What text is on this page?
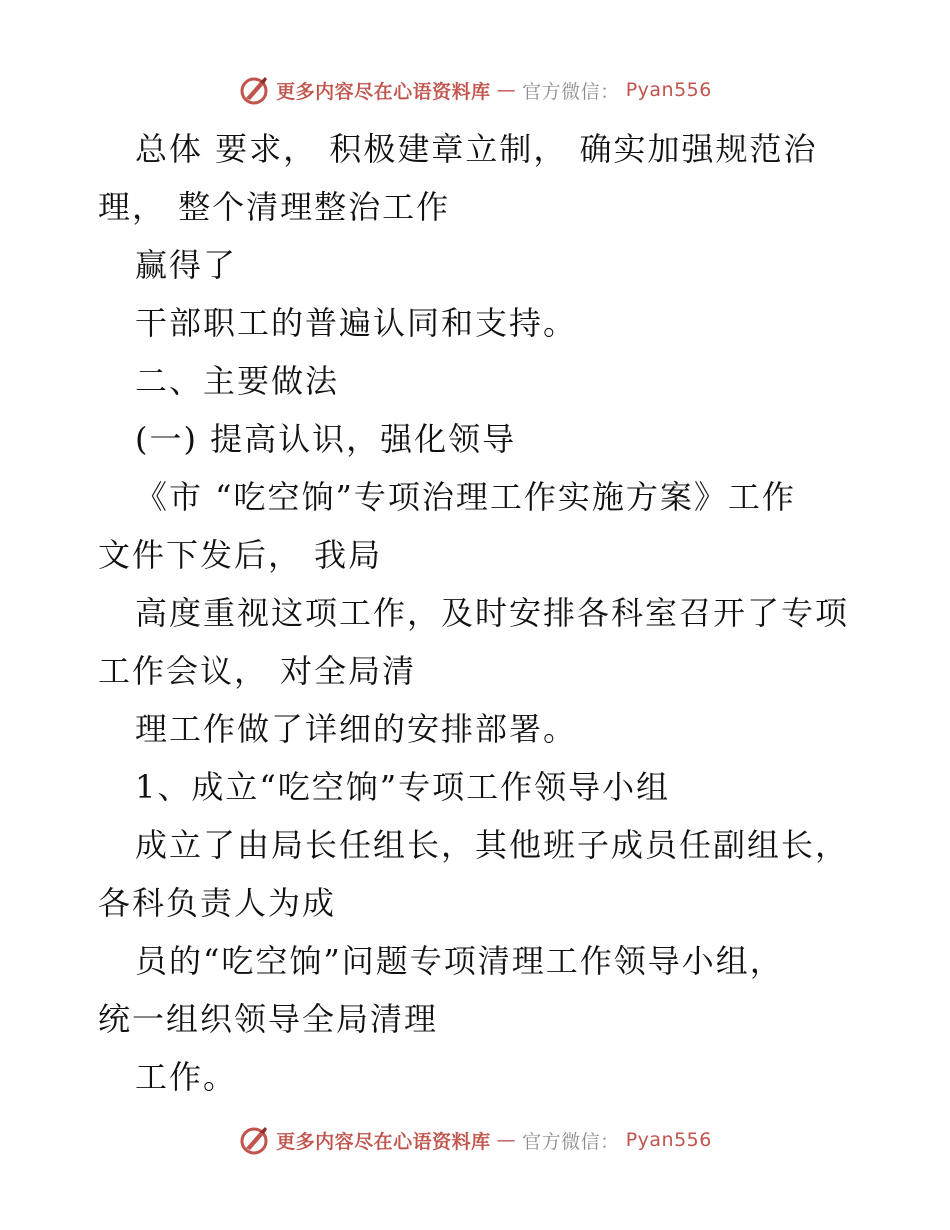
更多内容尽在心语资料库 — 官方微信： Pyan556
总体 要求， 积极建章立制， 确实加强规范治
理， 整个清理整治工作
赢得了
干部职工的普遍认同和支持。
二、主要做法
(一) 提高认识，强化领导
《市 “吃空饷”专项治理工作实施方案》工作
文件下发后， 我局
高度重视这项工作，及时安排各科室召开了专项
工作会议， 对全局清
理工作做了详细的安排部署。
1、成立“吃空饷”专项工作领导小组
成立了由局长任组长，其他班子成员任副组长，
各科负责人为成
员的“吃空饷”问题专项清理工作领导小组，
统一组织领导全局清理
工作。
更多内容尽在心语资料库 — 官方微信： Pyan556
